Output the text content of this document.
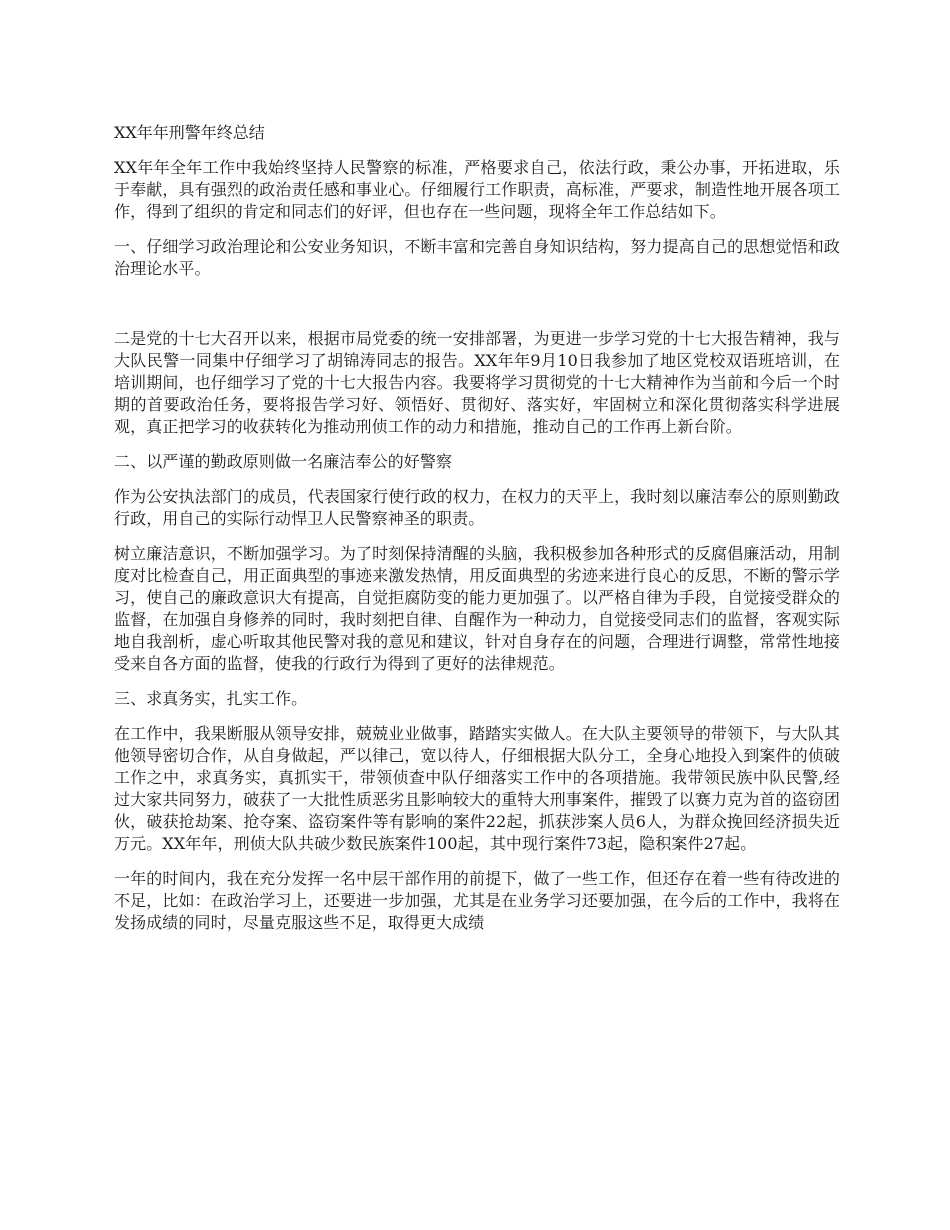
XX年年刑警年终总结

XX年年全年工作中我始终坚持人民警察的标准，严格要求自己，依法行政，秉公办事，开拓进取，乐于奉献，具有强烈的政治责任感和事业心。仔细履行工作职责，高标准，严要求，制造性地开展各项工作，得到了组织的肯定和同志们的好评，但也存在一些问题，现将全年工作总结如下。

一、仔细学习政治理论和公安业务知识，不断丰富和完善自身知识结构，努力提高自己的思想觉悟和政治理论水平。

二是党的十七大召开以来，根据市局党委的统一安排部署，为更进一步学习党的十七大报告精神，我与大队民警一同集中仔细学习了胡锦涛同志的报告。XX年年9月10日我参加了地区党校双语班培训，在培训期间，也仔细学习了党的十七大报告内容。我要将学习贯彻党的十七大精神作为当前和今后一个时期的首要政治任务，要将报告学习好、领悟好、贯彻好、落实好，牢固树立和深化贯彻落实科学进展观，真正把学习的收获转化为推动刑侦工作的动力和措施，推动自己的工作再上新台阶。

二、以严谨的勤政原则做一名廉洁奉公的好警察

作为公安执法部门的成员，代表国家行使行政的权力，在权力的天平上，我时刻以廉洁奉公的原则勤政行政，用自己的实际行动悍卫人民警察神圣的职责。

树立廉洁意识，不断加强学习。为了时刻保持清醒的头脑，我积极参加各种形式的反腐倡廉活动，用制度对比检查自己，用正面典型的事迹来激发热情，用反面典型的劣迹来进行良心的反思，不断的警示学习，使自己的廉政意识大有提高，自觉拒腐防变的能力更加强了。以严格自律为手段，自觉接受群众的监督，在加强自身修养的同时，我时刻把自律、自醒作为一种动力，自觉接受同志们的监督，客观实际地自我剖析，虚心听取其他民警对我的意见和建议，针对自身存在的问题，合理进行调整，常常性地接受来自各方面的监督，使我的行政行为得到了更好的法律规范。

三、求真务实，扎实工作。

在工作中，我果断服从领导安排，兢兢业业做事，踏踏实实做人。在大队主要领导的带领下，与大队其他领导密切合作，从自身做起，严以律己，宽以待人，仔细根据大队分工，全身心地投入到案件的侦破工作之中，求真务实，真抓实干，带领侦查中队仔细落实工作中的各项措施。我带领民族中队民警,经过大家共同努力，破获了一大批性质恶劣且影响较大的重特大刑事案件，摧毁了以赛力克为首的盗窃团伙，破获抢劫案、抢夺案、盗窃案件等有影响的案件22起，抓获涉案人员6人，为群众挽回经济损失近万元。XX年年，刑侦大队共破少数民族案件100起，其中现行案件73起，隐积案件27起。

一年的时间内，我在充分发挥一名中层干部作用的前提下，做了一些工作，但还存在着一些有待改进的不足，比如：在政治学习上，还要进一步加强，尤其是在业务学习还要加强，在今后的工作中，我将在发扬成绩的同时，尽量克服这些不足，取得更大成绩
